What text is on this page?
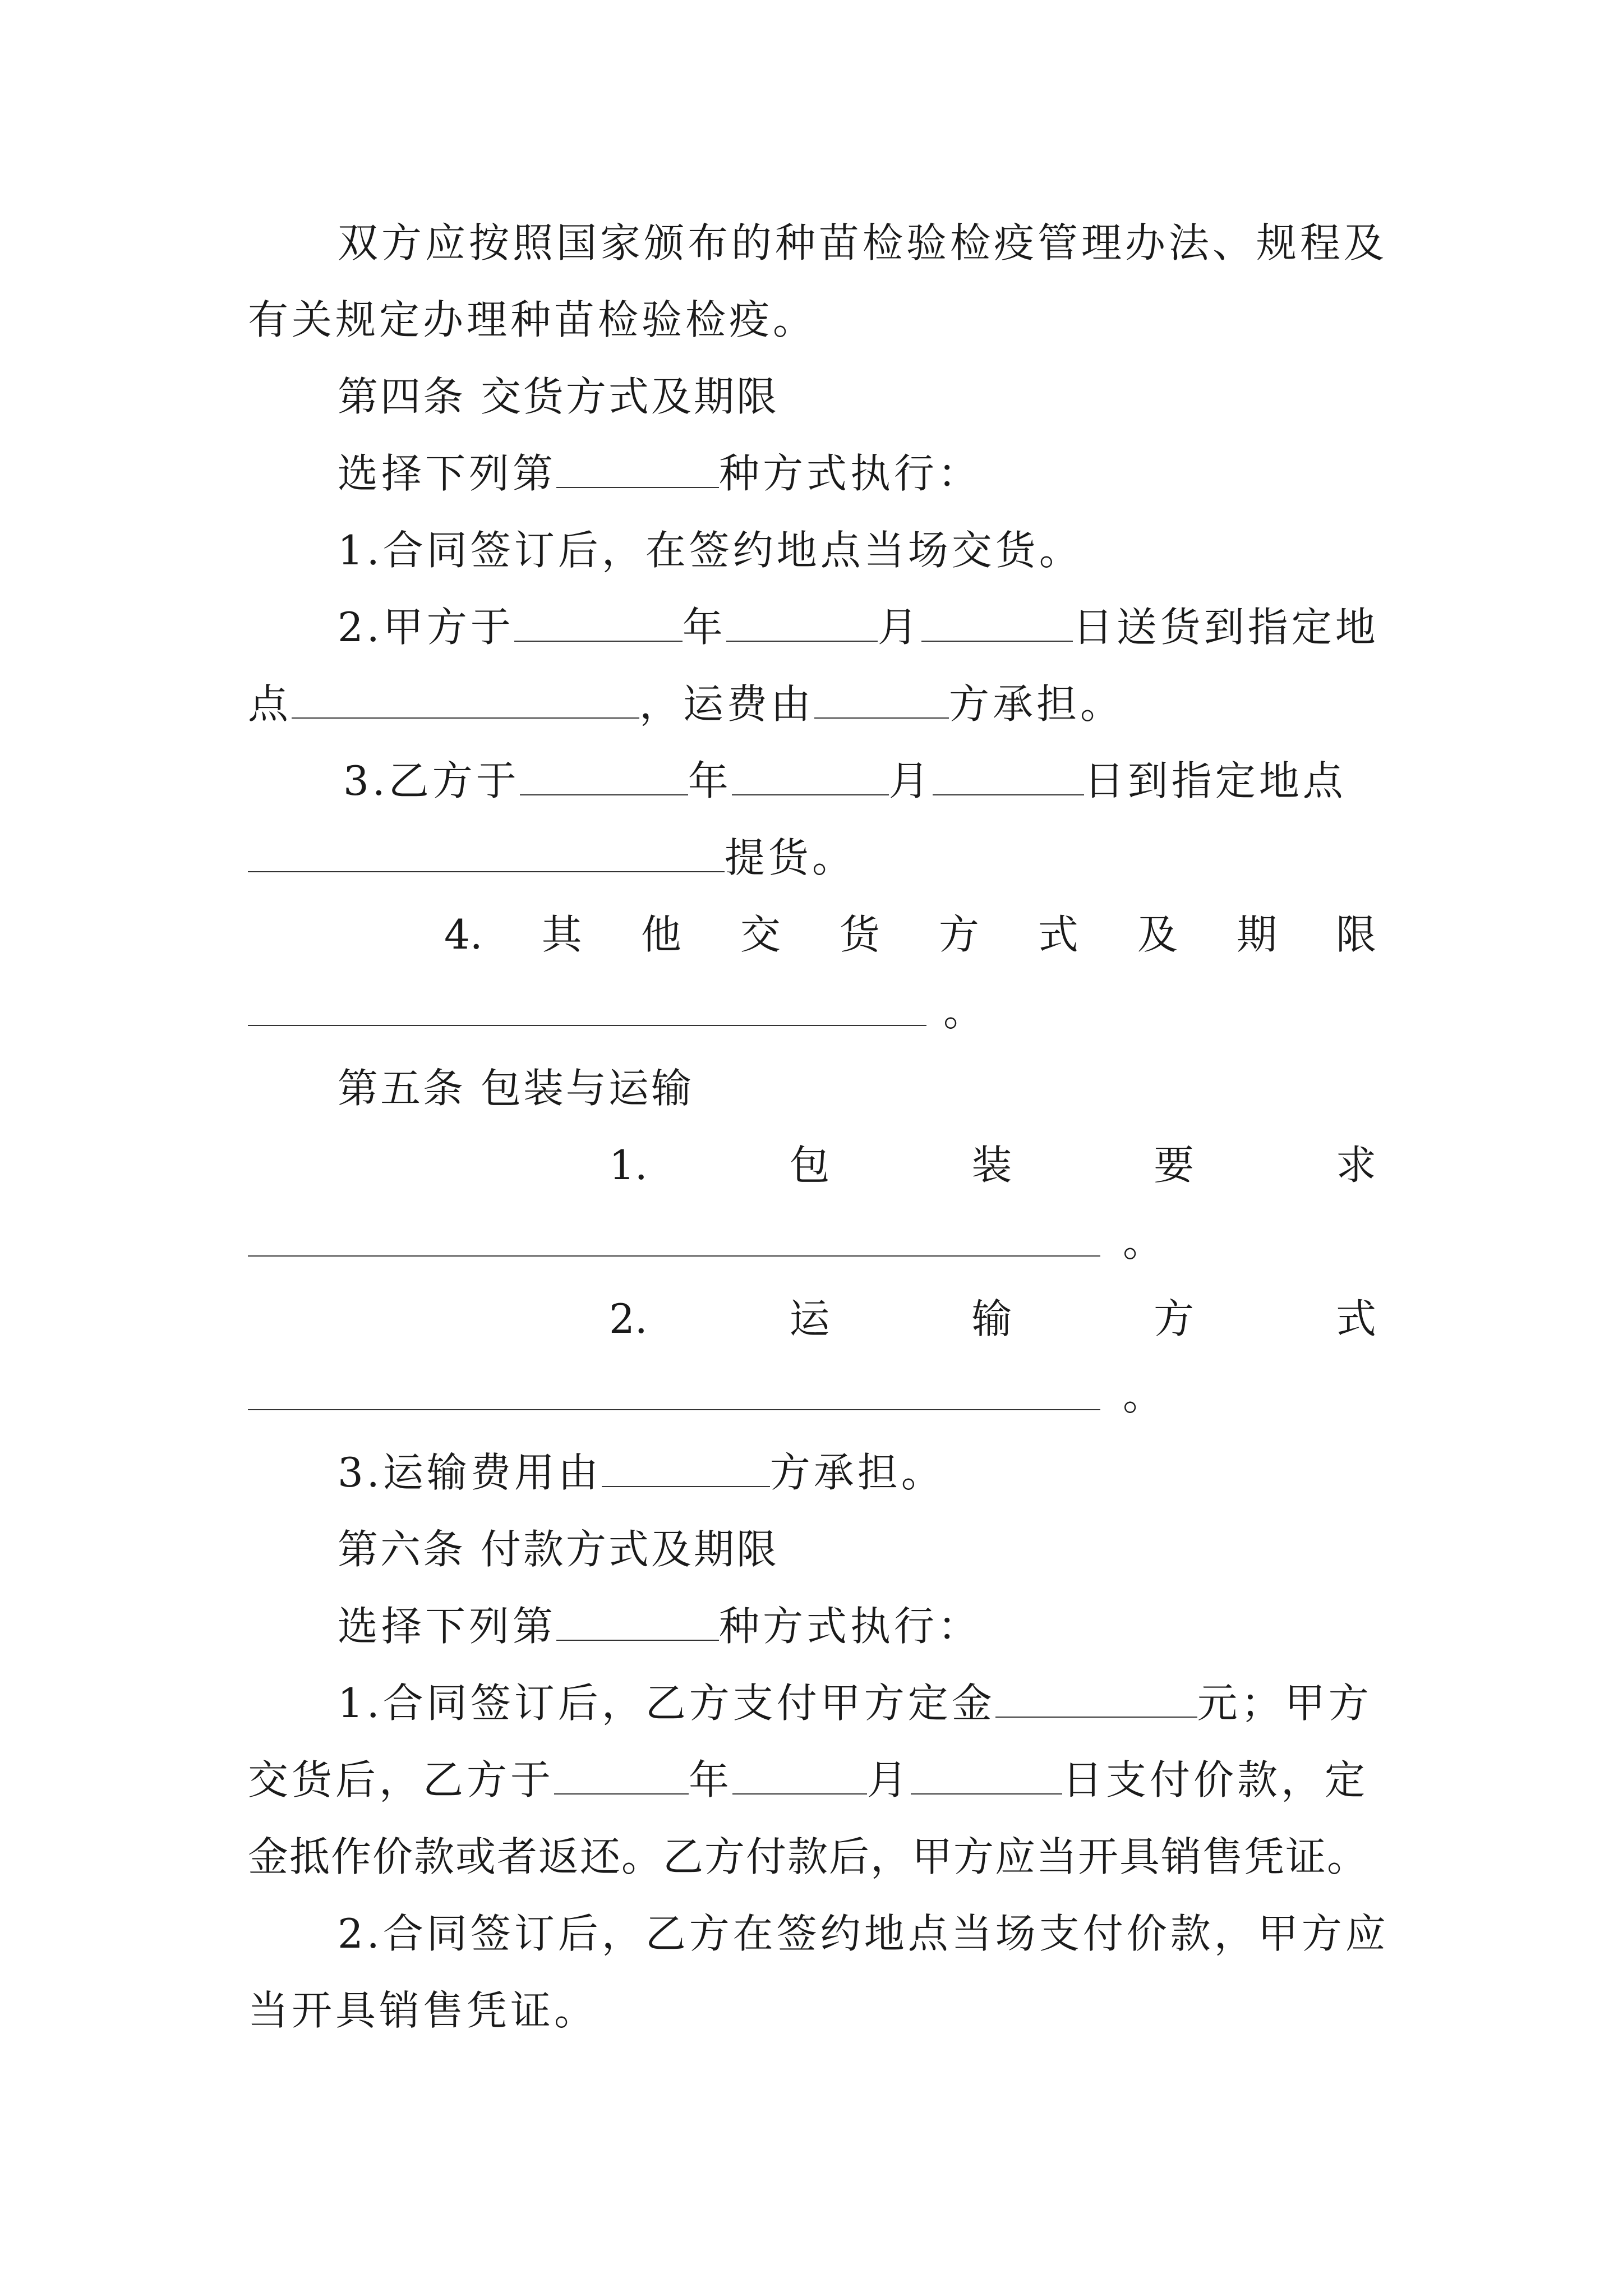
双方应按照国家颁布的种苗检验检疫管理办法、规程及
有关规定办理种苗检验检疫。
第四条 交货方式及期限
选择下列第	种方式执行：
1.合同签订后，在签约地点当场交货。
2.甲方于	年	月	日送货到指定地
点	，运费由	方承担。
3.乙方于	年	月	日到指定地点
提货。
4. 其 他 交 货 方 式 及 期 限
。
第五条 包装与运输
1.	包	装	要	求
。
2.	运	输	方	式
。
3.运输费用由	方承担。
第六条 付款方式及期限
选择下列第	种方式执行：
1.合同签订后，乙方支付甲方定金	元；甲方
交货后，乙方于	年	月	日支付价款，定
金抵作价款或者返还。乙方付款后，甲方应当开具销售凭证。
2.合同签订后，乙方在签约地点当场支付价款，甲方应
当开具销售凭证。
